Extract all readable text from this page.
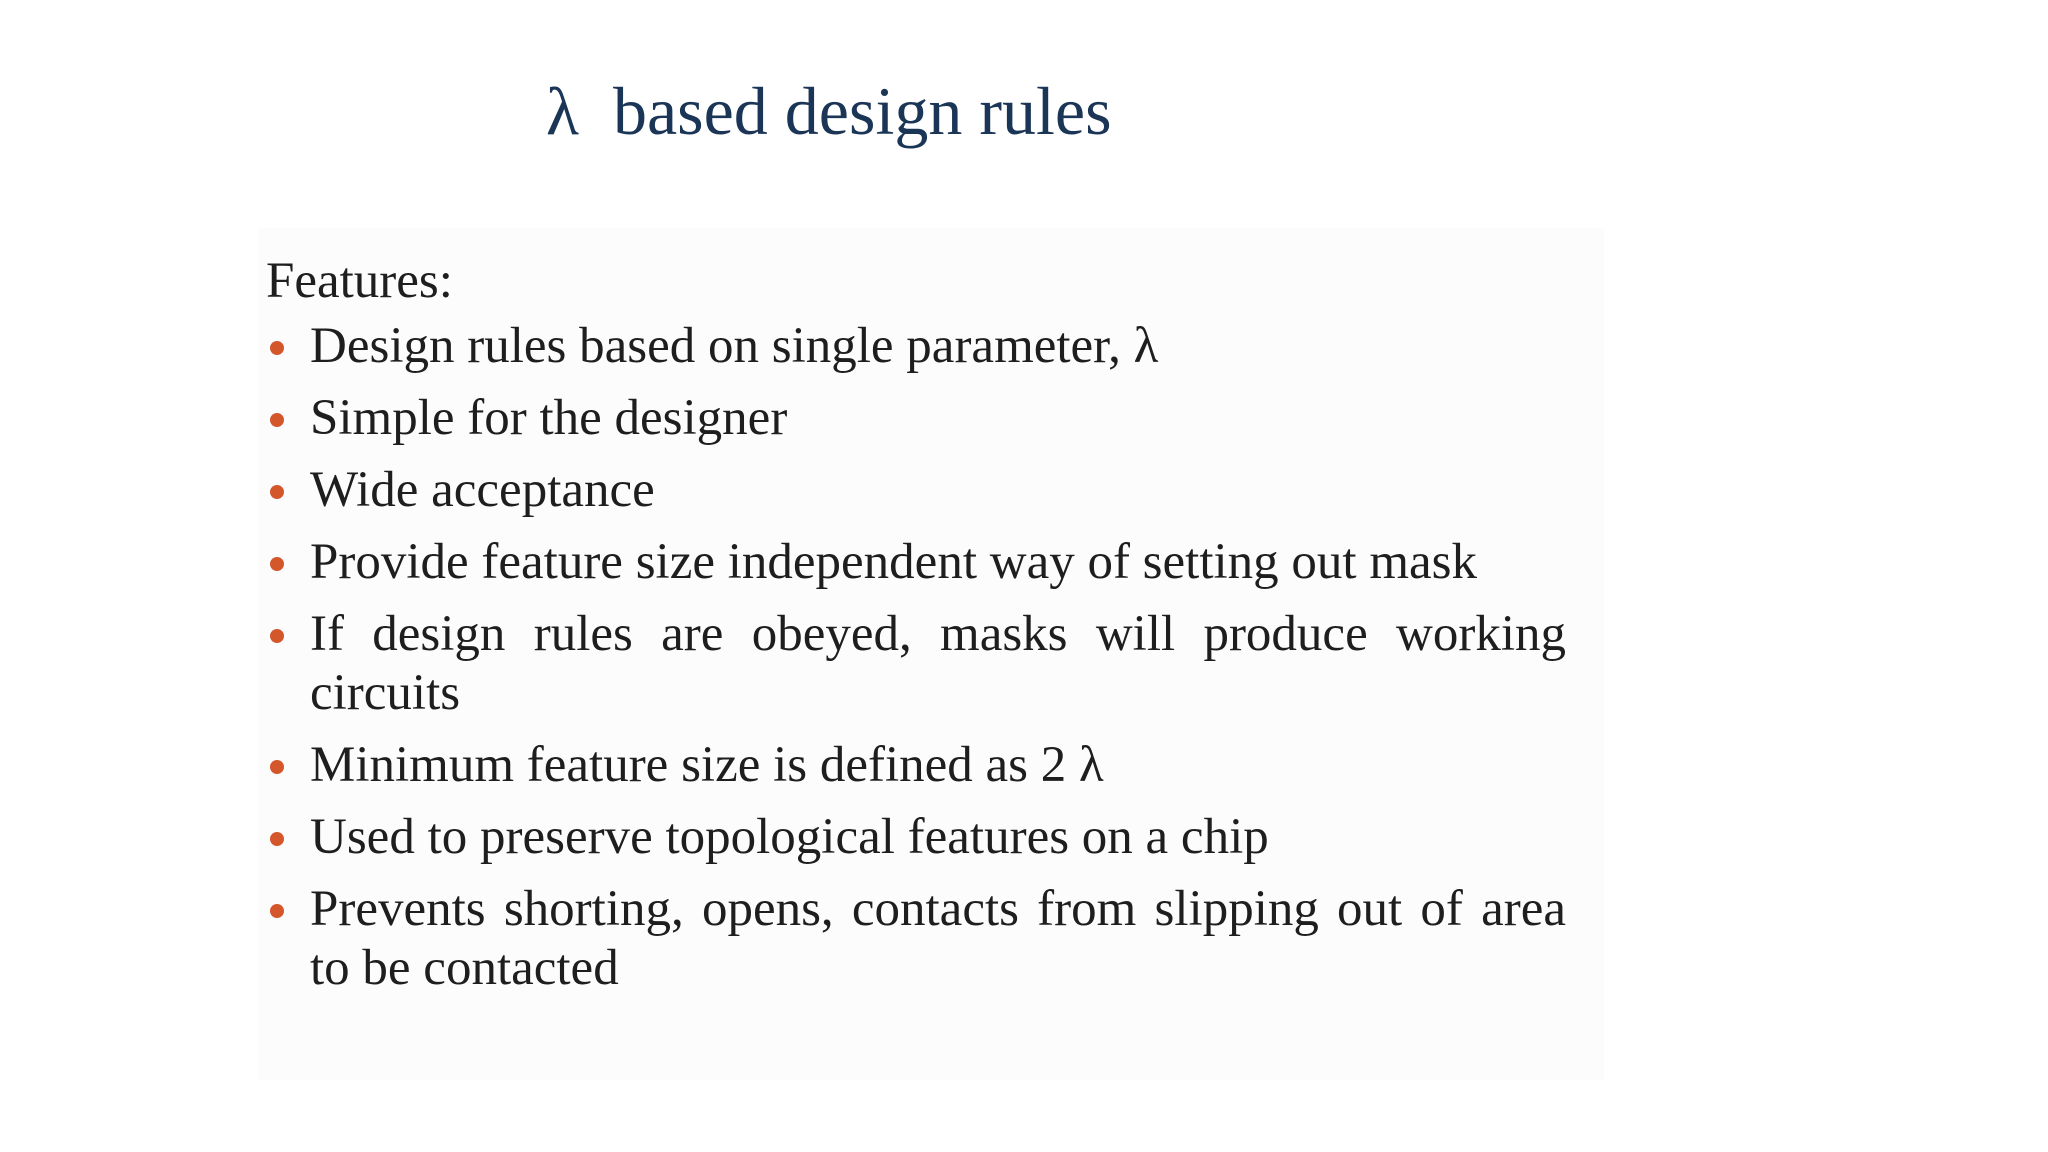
λ based design rules
Features:
Design rules based on single parameter, λ
Simple for the designer
Wide acceptance
Provide feature size independent way of setting out mask
If design rules are obeyed, masks will produce working circuits
Minimum feature size is defined as 2 λ
Used to preserve topological features on a chip
Prevents shorting, opens, contacts from slipping out of area to be contacted
